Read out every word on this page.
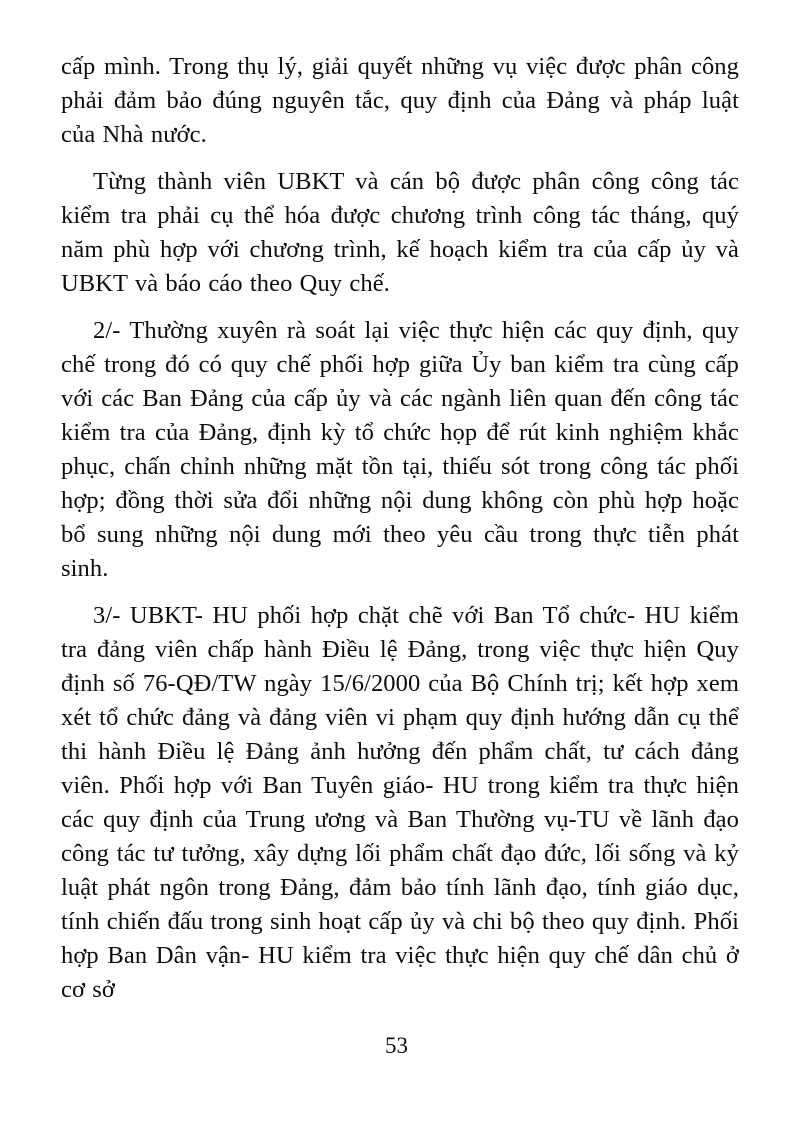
cấp mình. Trong thụ lý, giải quyết những vụ việc được phân công phải đảm bảo đúng nguyên tắc, quy định của Đảng và pháp luật của Nhà nước.

Từng thành viên UBKT và cán bộ được phân công công tác kiểm tra phải cụ thể hóa được chương trình công tác tháng, quý năm phù hợp với chương trình, kế hoạch kiểm tra của cấp ủy và UBKT và báo cáo theo Quy chế.

2/- Thường xuyên rà soát lại việc thực hiện các quy định, quy chế trong đó có quy chế phối hợp giữa Ủy ban kiểm tra cùng cấp với các Ban Đảng của cấp ủy và các ngành liên quan đến công tác kiểm tra của Đảng, định kỳ tổ chức họp để rút kinh nghiệm khắc phục, chấn chỉnh những mặt tồn tại, thiếu sót trong công tác phối hợp; đồng thời sửa đổi những nội dung không còn phù hợp hoặc bổ sung những nội dung mới theo yêu cầu trong thực tiễn phát sinh.

3/- UBKT- HU phối hợp chặt chẽ với Ban Tổ chức- HU kiểm tra đảng viên chấp hành Điều lệ Đảng, trong việc thực hiện Quy định số 76-QĐ/TW ngày 15/6/2000 của Bộ Chính trị; kết hợp xem xét tổ chức đảng và đảng viên vi phạm quy định hướng dẫn cụ thể thi hành Điều lệ Đảng ảnh hưởng đến phẩm chất, tư cách đảng viên. Phối hợp với Ban Tuyên giáo- HU trong kiểm tra thực hiện các quy định của Trung ương và Ban Thường vụ-TU về lãnh đạo công tác tư tưởng, xây dựng lối phẩm chất đạo đức, lối sống và kỷ luật phát ngôn trong Đảng, đảm bảo tính lãnh đạo, tính giáo dục, tính chiến đấu trong sinh hoạt cấp ủy và chi bộ theo quy định. Phối hợp Ban Dân vận- HU kiểm tra việc thực hiện quy chế dân chủ ở cơ sở

53
